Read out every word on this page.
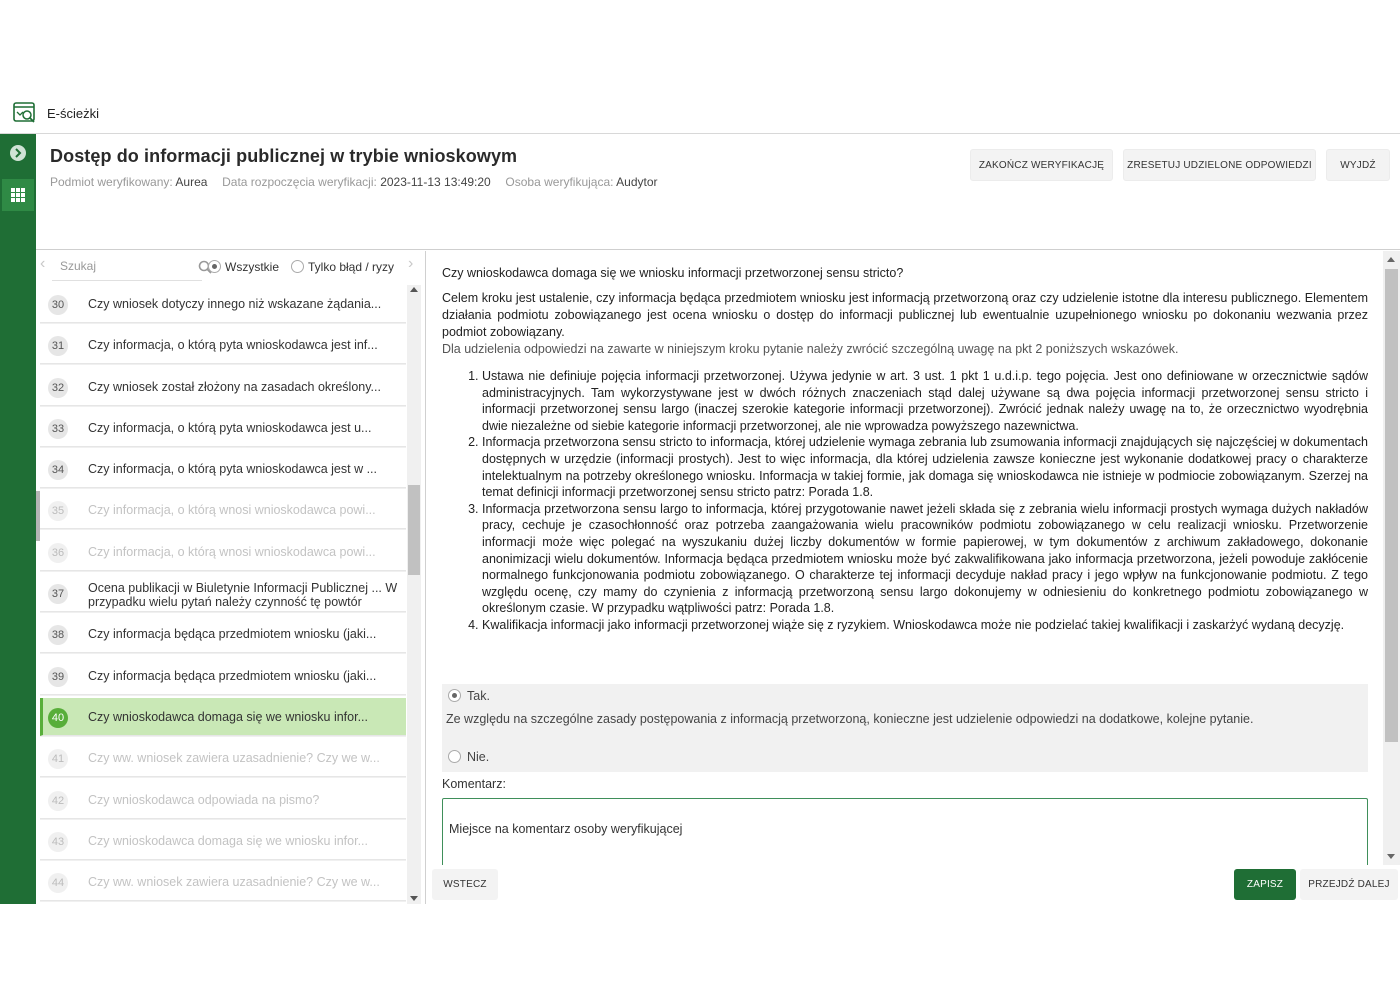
E-ścieżki
Dostęp do informacji publicznej w trybie wnioskowym
Podmiot weryfikowany: Aurea Data rozpoczęcia weryfikacji: 2023-11-13 13:49:20 Osoba weryfikująca: Audytor
ZAKOŃCZ WERYFIKACJĘ	ZRESETUJ UDZIELONE ODPOWIEDZI	WYJDŹ
‹
Szukaj	Wszystkie	Tylko błąd / ryzy ›
30	Czy wniosek dotyczy innego niż wskazane żądania...
31	Czy informacja, o którą pyta wnioskodawca jest inf...
32	Czy wniosek został złożony na zasadach określony...
33	Czy informacja, o którą pyta wnioskodawca jest u...
34	Czy informacja, o którą pyta wnioskodawca jest w ...
35	Czy informacja, o którą wnosi wnioskodawca powi...
36	Czy informacja, o którą wnosi wnioskodawca powi...
37	Ocena publikacji w Biuletynie Informacji Publicznej ... W przypadku wielu pytań należy czynność tę powtór
38	Czy informacja będąca przedmiotem wniosku (jaki...
39	Czy informacja będąca przedmiotem wniosku (jaki...
40	Czy wnioskodawca domaga się we wniosku infor...
41	Czy ww. wniosek zawiera uzasadnienie? Czy we w...
42	Czy wnioskodawca odpowiada na pismo?
43	Czy wnioskodawca domaga się we wniosku infor...
44	Czy ww. wniosek zawiera uzasadnienie? Czy we w...
Czy wnioskodawca domaga się we wniosku informacji przetworzonej sensu stricto?
Celem kroku jest ustalenie, czy informacja będąca przedmiotem wniosku jest informacją przetworzoną oraz czy udzielenie istotne dla interesu publicznego. Elementem działania podmiotu zobowiązanego jest ocena wniosku o dostęp do informacji publicznej lub ewentualnie uzupełnionego wniosku po dokonaniu wezwania przez podmiot zobowiązany.
Dla udzielenia odpowiedzi na zawarte w niniejszym kroku pytanie należy zwrócić szczególną uwagę na pkt 2 poniższych wskazówek.
1. Ustawa nie definiuje pojęcia informacji przetworzonej. Używa jedynie w art. 3 ust. 1 pkt 1 u.d.i.p. tego pojęcia. Jest ono definiowane w orzecznictwie sądów administracyjnych. Tam wykorzystywane jest w dwóch różnych znaczeniach stąd dalej używane są dwa pojęcia informacji przetworzonej sensu stricto i informacji przetworzonej sensu largo (inaczej szerokie kategorie informacji przetworzonej). Zwrócić jednak należy uwagę na to, że orzecznictwo wyodrębnia dwie niezależne od siebie kategorie informacji przetworzonej, ale nie wprowadza powyższego nazewnictwa.
2. Informacja przetworzona sensu stricto to informacja, której udzielenie wymaga zebrania lub zsumowania informacji znajdujących się najczęściej w dokumentach dostępnych w urzędzie (informacji prostych). Jest to więc informacja, dla której udzielenia zawsze konieczne jest wykonanie dodatkowej pracy o charakterze intelektualnym na potrzeby określonego wniosku. Informacja w takiej formie, jak domaga się wnioskodawca nie istnieje w podmiocie zobowiązanym. Szerzej na temat definicji informacji przetworzonej sensu stricto patrz: Porada 1.8.
3. Informacja przetworzona sensu largo to informacja, której przygotowanie nawet jeżeli składa się z zebrania wielu informacji prostych wymaga dużych nakładów pracy, cechuje je czasochłonność oraz potrzeba zaangażowania wielu pracowników podmiotu zobowiązanego w celu realizacji wniosku. Przetworzenie informacji może więc polegać na wyszukaniu dużej liczby dokumentów w formie papierowej, w tym dokumentów z archiwum zakładowego, dokonanie anonimizacji wielu dokumentów. Informacja będąca przedmiotem wniosku może być zakwalifikowana jako informacja przetworzona, jeżeli powoduje zakłócenie normalnego funkcjonowania podmiotu zobowiązanego. O charakterze tej informacji decyduje nakład pracy i jego wpływ na funkcjonowanie podmiotu. Z tego względu ocenę, czy mamy do czynienia z informacją przetworzoną sensu largo dokonujemy w odniesieniu do konkretnego podmiotu zobowiązanego w określonym czasie. W przypadku wątpliwości patrz: Porada 1.8.
4. Kwalifikacja informacji jako informacji przetworzonej wiąże się z ryzykiem. Wnioskodawca może nie podzielać takiej kwalifikacji i zaskarżyć wydaną decyzję.
Tak.
Ze względu na szczególne zasady postępowania z informacją przetworzoną, konieczne jest udzielenie odpowiedzi na dodatkowe, kolejne pytanie.
Nie.
Komentarz:
Miejsce na komentarz osoby weryfikującej
WSTECZ	ZAPISZ	PRZEJDŹ DALEJ
